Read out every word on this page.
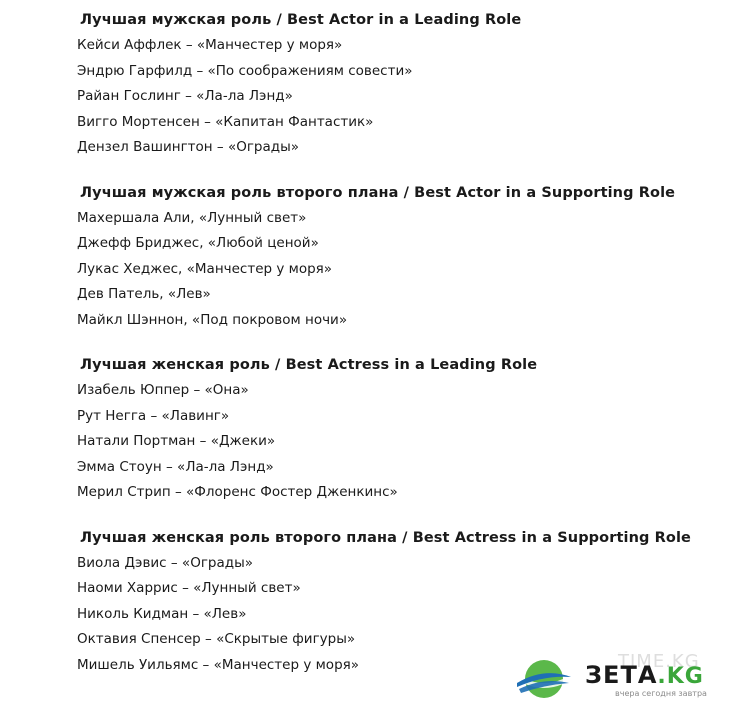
Лучшая мужская роль / Best Actor in a Leading Role
Кейси Аффлек – «Манчестер у моря»
Эндрю Гарфилд – «По соображениям совести»
Райан Гослинг – «Ла-ла Лэнд»
Вигго Мортенсен – «Капитан Фантастик»
Дензел Вашингтон – «Ограды»
Лучшая мужская роль второго плана / Best Actor in a Supporting Role
Махершала Али, «Лунный свет»
Джефф Бриджес, «Любой ценой»
Лукас Хеджес, «Манчестер у моря»
Дев Патель, «Лев»
Майкл Шэннон, «Под покровом ночи»
Лучшая женская роль / Best Actress in a Leading Role
Изабель Юппер – «Она»
Рут Негга – «Лавинг»
Натали Портман – «Джеки»
Эмма Стоун – «Ла-ла Лэнд»
Мерил Стрип – «Флоренс Фостер Дженкинс»
Лучшая женская роль второго плана / Best Actress in a Supporting Role
Виола Дэвис – «Ограды»
Наоми Харрис – «Лунный свет»
Николь Кидман – «Лев»
Октавия Спенсер – «Скрытые фигуры»
Мишель Уильямс – «Манчестер у моря»	TIME.KG
ЗЕТА.KG
вчера сегодня завтра
